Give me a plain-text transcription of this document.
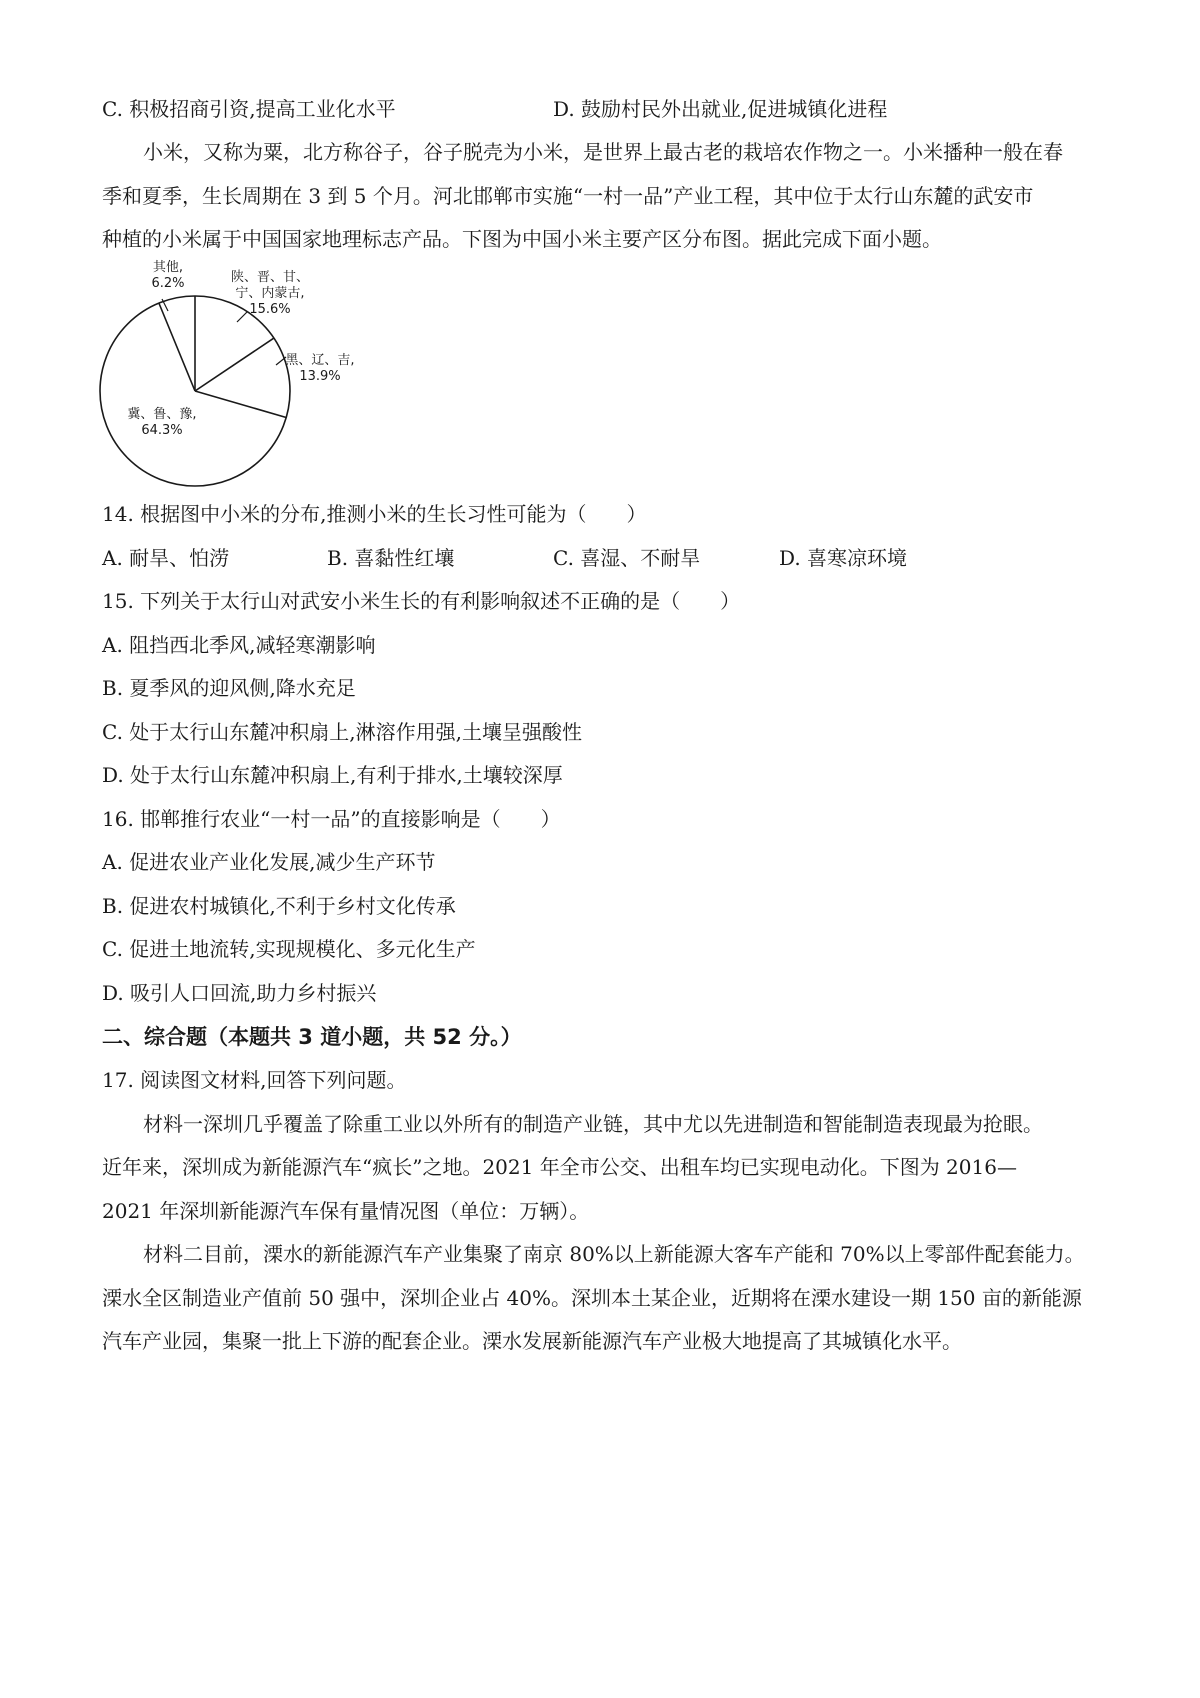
C. 积极招商引资,提高工业化水平	D. 鼓励村民外出就业,促进城镇化进程
小米，又称为粟，北方称谷子，谷子脱壳为小米，是世界上最古老的栽培农作物之一。小米播种一般在春
季和夏季，生长周期在 3 到 5 个月。河北邯郸市实施“一村一品”产业工程，其中位于太行山东麓的武安市
种植的小米属于中国国家地理标志产品。下图为中国小米主要产区分布图。据此完成下面小题。
冀、鲁、豫, 64.3%
黑、辽、吉, 13.9%
陕、晋、甘、宁、内蒙古, 15.6%
其他, 6.2%
14. 根据图中小米的分布,推测小米的生长习性可能为（　　）
A. 耐旱、怕涝	B. 喜黏性红壤	C. 喜湿、不耐旱	D. 喜寒凉环境
15. 下列关于太行山对武安小米生长的有利影响叙述不正确的是（　　）
A. 阻挡西北季风,减轻寒潮影响
B. 夏季风的迎风侧,降水充足
C. 处于太行山东麓冲积扇上,淋溶作用强,土壤呈强酸性
D. 处于太行山东麓冲积扇上,有利于排水,土壤较深厚
16. 邯郸推行农业“一村一品”的直接影响是（　　）
A. 促进农业产业化发展,减少生产环节
B. 促进农村城镇化,不利于乡村文化传承
C. 促进土地流转,实现规模化、多元化生产
D. 吸引人口回流,助力乡村振兴
二、综合题（本题共 3 道小题，共 52 分。）
17. 阅读图文材料,回答下列问题。
材料一深圳几乎覆盖了除重工业以外所有的制造产业链，其中尤以先进制造和智能制造表现最为抢眼。
近年来，深圳成为新能源汽车“疯长”之地。2021 年全市公交、出租车均已实现电动化。下图为 2016—
2021 年深圳新能源汽车保有量情况图（单位：万辆）。
材料二目前，溧水的新能源汽车产业集聚了南京 80%以上新能源大客车产能和 70%以上零部件配套能力。
溧水全区制造业产值前 50 强中，深圳企业占 40%。深圳本土某企业，近期将在溧水建设一期 150 亩的新能源
汽车产业园，集聚一批上下游的配套企业。溧水发展新能源汽车产业极大地提高了其城镇化水平。
